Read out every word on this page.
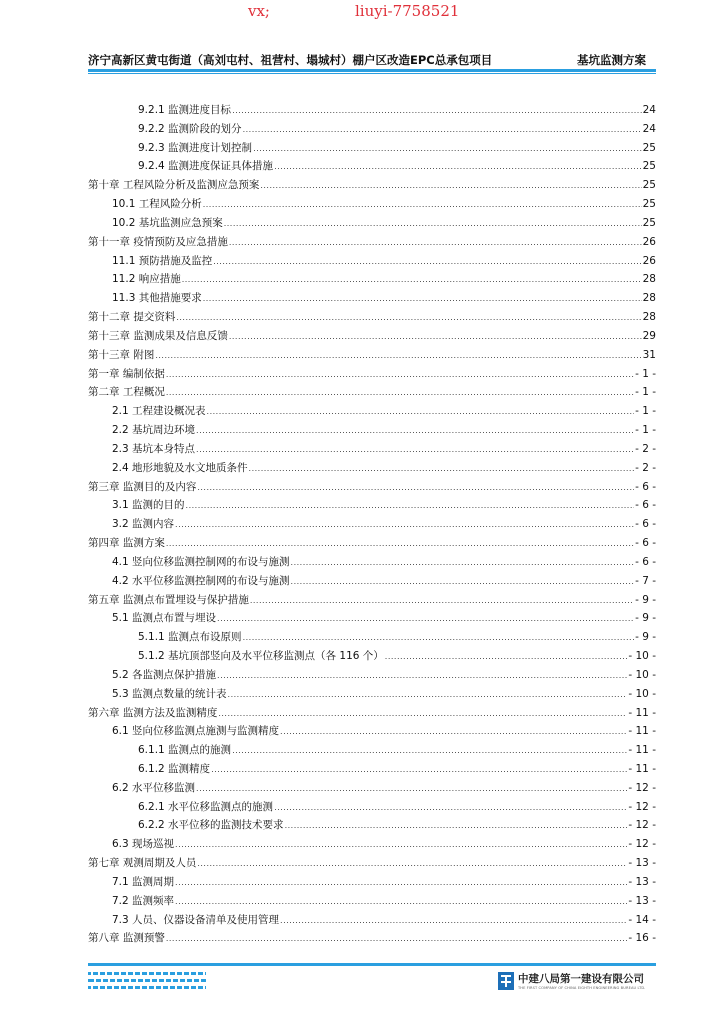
vx;	liuyi-7758521
济宁高新区黄屯街道（高刘屯村、祖营村、塌城村）棚户区改造EPC总承包项目	基坑监测方案
9.2.1 监测进度目标 .....	24
9.2.2 监测阶段的划分 .....	24
9.2.3 监测进度计划控制 .....	25
9.2.4 监测进度保证具体措施 .....	25
第十章 工程风险分析及监测应急预案 .....	25
10.1 工程风险分析 .....	25
10.2 基坑监测应急预案 .....	25
第十一章 疫情预防及应急措施 .....	26
11.1 预防措施及监控 .....	26
11.2 响应措施 .....	28
11.3 其他措施要求 .....	28
第十二章 提交资料 .....	28
第十三章 监测成果及信息反馈 .....	29
第十三章 附图 .....	31
第一章 编制依据 .....	- 1 -
第二章 工程概况 .....	- 1 -
2.1 工程建设概况表 .....	- 1 -
2.2 基坑周边环境 .....	- 1 -
2.3 基坑本身特点 .....	- 2 -
2.4 地形地貌及水文地质条件 .....	- 2 -
第三章 监测目的及内容 .....	- 6 -
3.1 监测的目的 .....	- 6 -
3.2 监测内容 .....	- 6 -
第四章 监测方案 .....	- 6 -
4.1 竖向位移监测控制网的布设与施测 .....	- 6 -
4.2 水平位移监测控制网的布设与施测 .....	- 7 -
第五章 监测点布置埋设与保护措施 .....	- 9 -
5.1 监测点布置与埋设 .....	- 9 -
5.1.1 监测点布设原则 .....	- 9 -
5.1.2 基坑顶部竖向及水平位移监测点（各 116 个） .....	- 10 -
5.2 各监测点保护措施 .....	- 10 -
5.3 监测点数量的统计表 .....	- 10 -
第六章 监测方法及监测精度 .....	- 11 -
6.1 竖向位移监测点施测与监测精度 .....	- 11 -
6.1.1 监测点的施测 .....	- 11 -
6.1.2 监测精度 .....	- 11 -
6.2 水平位移监测 .....	- 12 -
6.2.1 水平位移监测点的施测 .....	- 12 -
6.2.2 水平位移的监测技术要求 .....	- 12 -
6.3 现场巡视 .....	- 12 -
第七章 观测周期及人员 .....	- 13 -
7.1 监测周期 .....	- 13 -
7.2 监测频率 .....	- 13 -
7.3 人员、仪器设备清单及使用管理 .....	- 14 -
第八章 监测预警 .....	- 16 -
中建八局第一建设有限公司
THE FIRST COMPANY OF CHINA EIGHTH ENGINEERING BUREAU LTD.
